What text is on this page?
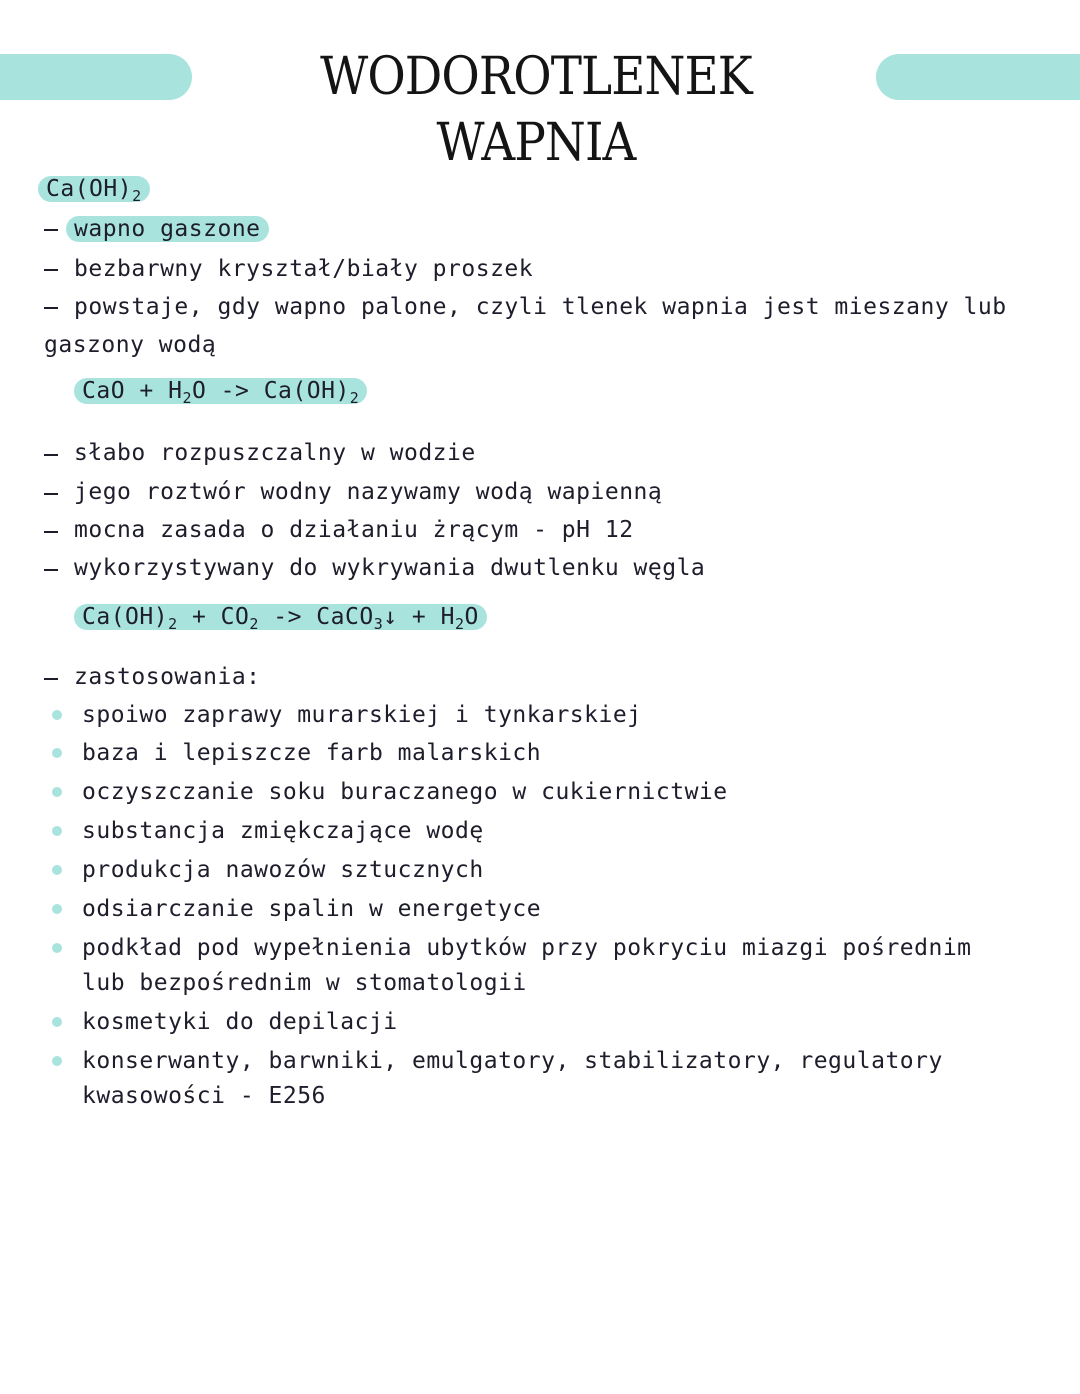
WODOROTLENEK WAPNIA
$Ca(OH)_2$
wapno gaszone
bezbarwny kryształ/biały proszek
powstaje, gdy wapno palone, czyli tlenek wapnia jest mieszany lub
gaszony wodą
CaO + $H_2O -> Ca(OH)_2$
słabo rozpuszczalny w wodzie
jego roztwór wodny nazywamy wodą wapienną
mocna zasada o działaniu żrącym - pH 12
wykorzystywany do wykrywania dwutlenku węgla
$Ca(OH)_2 + CO_2$ -> CaCO$_3$↓ + $H_2O$
zastosowania:
spoiwo zaprawy murarskiej i tynkarskiej
baza i lepiszcze farb malarskich
oczyszczanie soku buraczanego w cukiernictwie
substancja zmiękczające wodę
produkcja nawozów sztucznych
odsiarczanie spalin w energetyce
podkład pod wypełnienia ubytków przy pokryciu miazgi pośrednim
lub bezpośrednim w stomatologii
kosmetyki do depilacji
konserwanty, barwniki, emulgatory, stabilizatory, regulatory
kwasowości - E256
